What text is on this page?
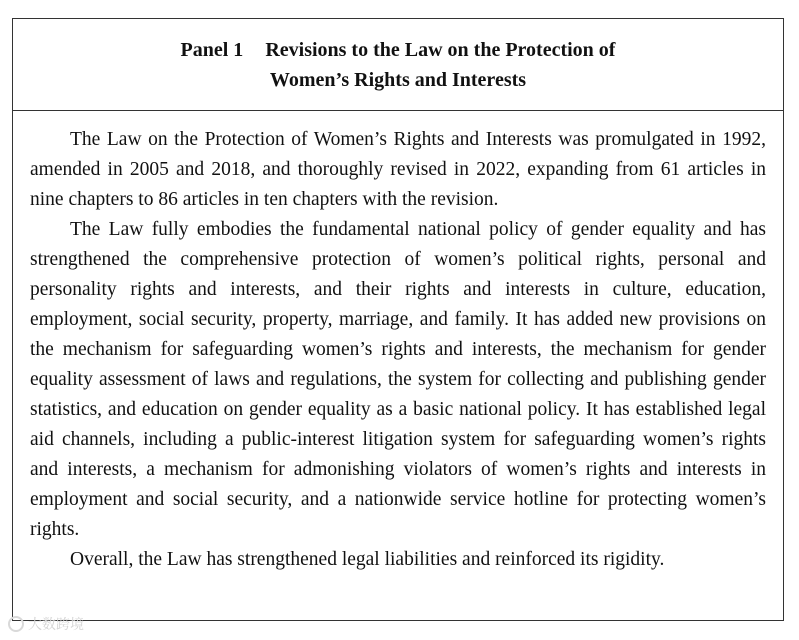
Panel 1 Revisions to the Law on the Protection of
Women’s Rights and Interests

The Law on the Protection of Women’s Rights and Interests was promulgated in 1992, amended in 2005 and 2018, and thoroughly revised in 2022, expanding from 61 articles in nine chapters to 86 articles in ten chapters with the revision.

The Law fully embodies the fundamental national policy of gender equality and has strengthened the comprehensive protection of women’s political rights, personal and personality rights and interests, and their rights and interests in culture, education, employment, social security, property, marriage, and family. It has added new provisions on the mechanism for safeguarding women’s rights and interests, the mechanism for gender equality assessment of laws and regulations, the system for collecting and publishing gender statistics, and education on gender equality as a basic national policy. It has established legal aid channels, including a public-interest litigation system for safeguarding women’s rights and interests, a mechanism for admonishing violators of women’s rights and interests in employment and social security, and a nationwide service hotline for protecting women’s rights.

Overall, the Law has strengthened legal liabilities and reinforced its rigidity.

大数跨境
